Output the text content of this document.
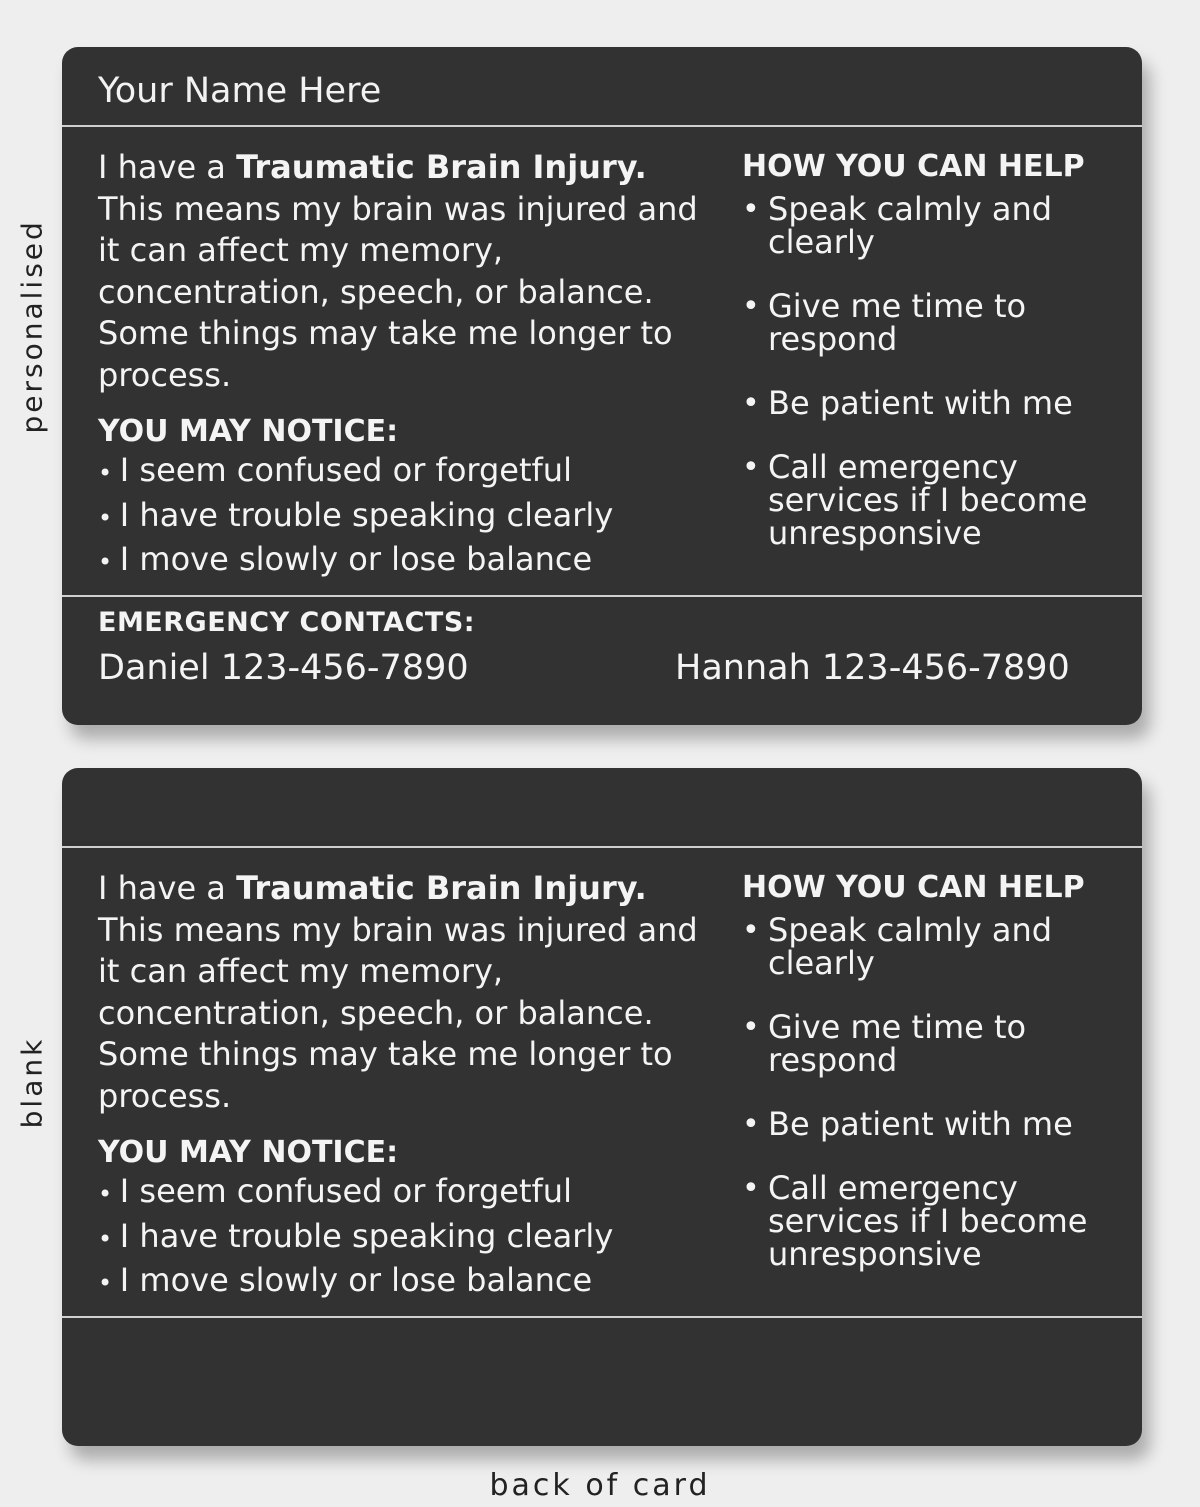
personalised
blank
Your Name Here

I have a Traumatic Brain Injury. This means my brain was injured and it can affect my memory, concentration, speech, or balance. Some things may take me longer to process.

YOU MAY NOTICE:
• I seem confused or forgetful
• I have trouble speaking clearly
• I move slowly or lose balance
HOW YOU CAN HELP
• Speak calmly and clearly
• Give me time to respond
• Be patient with me
• Call emergency services if I become unresponsive
EMERGENCY CONTACTS:
Daniel 123-456-7890	Hannah 123-456-7890

I have a Traumatic Brain Injury. This means my brain was injured and it can affect my memory, concentration, speech, or balance. Some things may take me longer to process.

YOU MAY NOTICE:
• I seem confused or forgetful
• I have trouble speaking clearly
• I move slowly or lose balance
HOW YOU CAN HELP
• Speak calmly and clearly
• Give me time to respond
• Be patient with me
• Call emergency services if I become unresponsive
back of card
